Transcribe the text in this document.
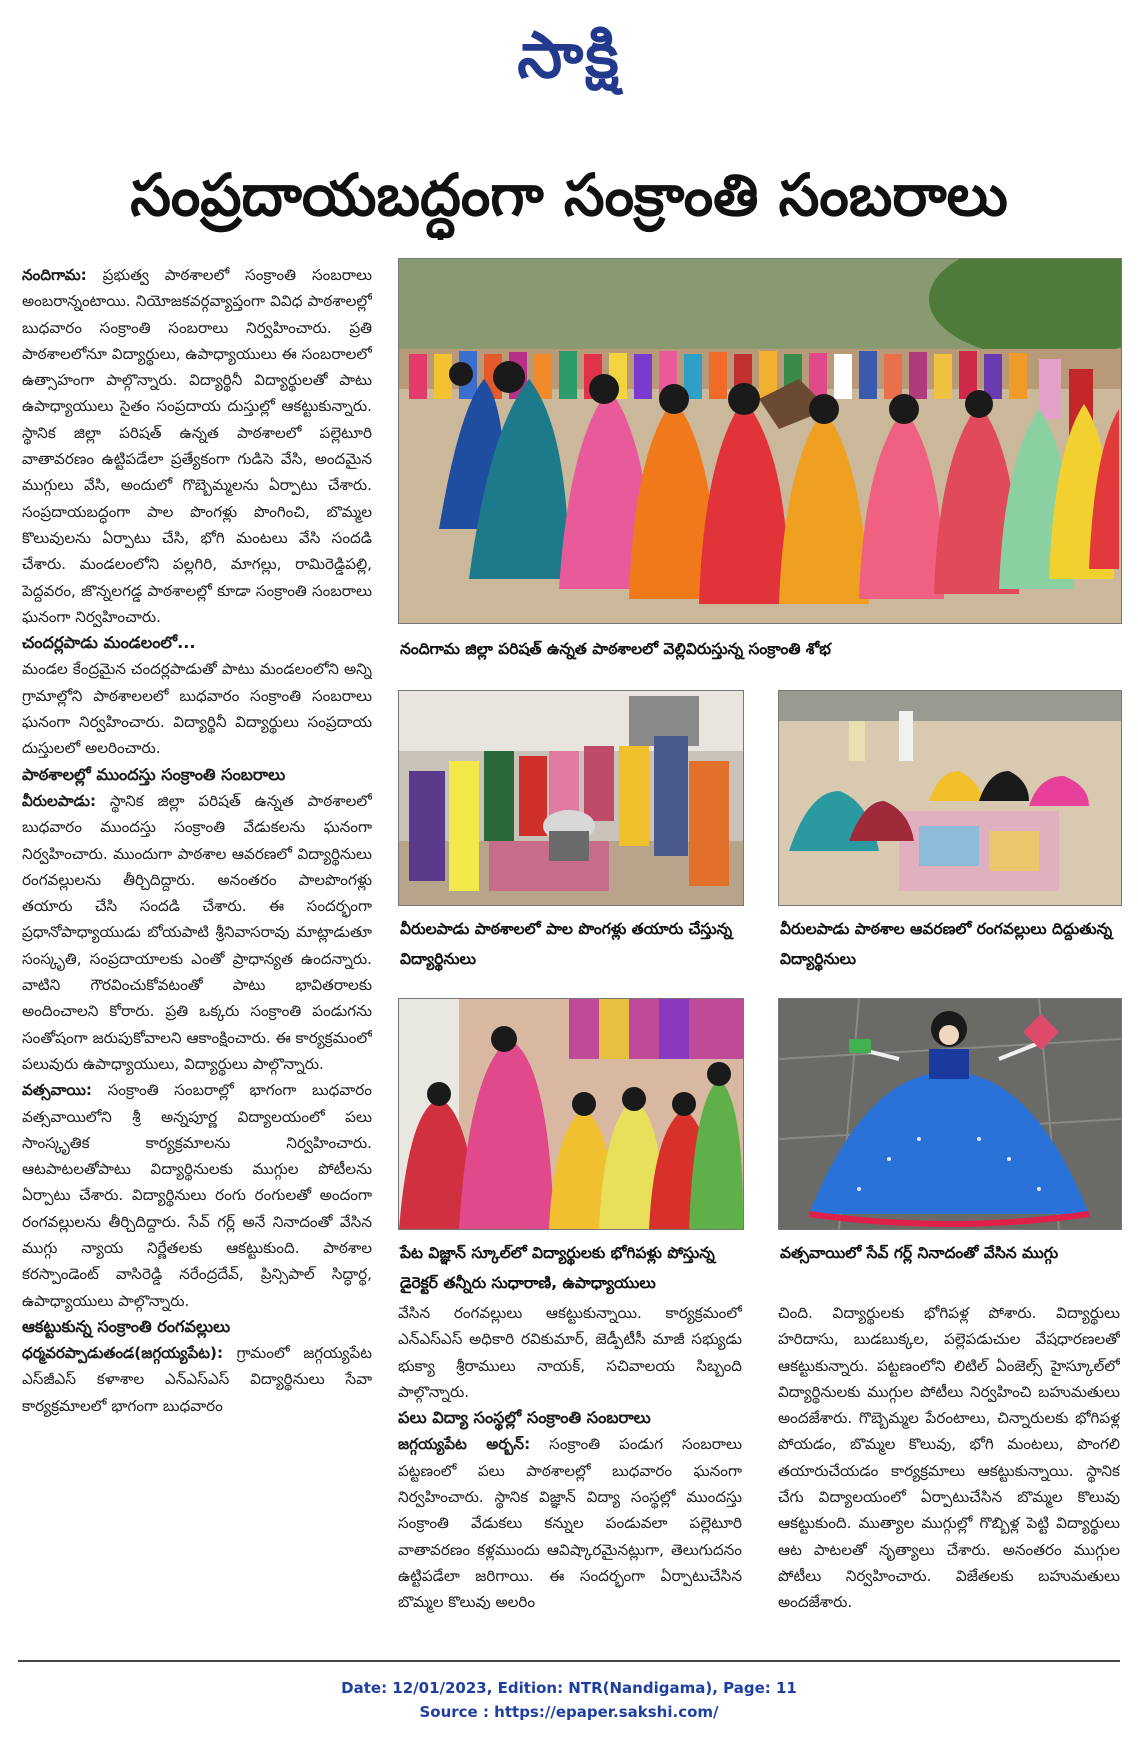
సాక్షి
సంప్రదాయబద్ధంగా సంక్రాంతి సంబరాలు

నందిగామ: ప్రభుత్వ పాఠశాలలో సంక్రాంతి సంబరాలు అంబరాన్నంటాయి. నియోజకవర్గవ్యాప్తంగా వివిధ పాఠశాలల్లో బుధవారం సంక్రాంతి సంబరాలు నిర్వహించారు. ప్రతి పాఠశాలలోనూ విద్యార్థులు, ఉపాధ్యాయులు ఈ సంబరాలలో ఉత్సాహంగా పాల్గొన్నారు. విద్యార్థినీ విద్యార్థులతో పాటు ఉపాధ్యాయులు సైతం సంప్రదాయ దుస్తుల్లో ఆకట్టుకున్నారు. స్థానిక జిల్లా పరిషత్ ఉన్నత పాఠశాలలో పల్లెటూరి వాతావరణం ఉట్టిపడేలా ప్రత్యేకంగా గుడిసె వేసి, అందమైన ముగ్గులు వేసి, అందులో గొబ్బెమ్మలను ఏర్పాటు చేశారు. సంప్రదాయబద్ధంగా పాల పొంగళ్లు పొంగించి, బొమ్మల కొలువులను ఏర్పాటు చేసి, భోగి మంటలు వేసి సందడి చేశారు. మండలంలోని పల్లగిరి, మాగల్లు, రామిరెడ్డిపల్లి, పెద్దవరం, జొన్నలగడ్డ పాఠశాలల్లో కూడా సంక్రాంతి సంబరాలు ఘనంగా నిర్వహించారు.

చందర్లపాడు మండలంలో...

మండల కేంద్రమైన చందర్లపాడుతో పాటు మండలంలోని అన్ని గ్రామాల్లోని పాఠశాలలలో బుధవారం సంక్రాంతి సంబరాలు ఘనంగా నిర్వహించారు. విద్యార్థినీ విద్యార్థులు సంప్రదాయ దుస్తులలో అలరించారు.

పాఠశాలల్లో ముందస్తు సంక్రాంతి సంబరాలు

వీరులపాడు: స్థానిక జిల్లా పరిషత్ ఉన్నత పాఠశాలలో బుధవారం ముందస్తు సంక్రాంతి వేడుకలను ఘనంగా నిర్వహించారు. ముందుగా పాఠశాల ఆవరణలో విద్యార్థినులు రంగవల్లులను తీర్చిదిద్దారు. అనంతరం పాలపొంగళ్లు తయారు చేసి సందడి చేశారు. ఈ సందర్భంగా ప్రధానోపాధ్యాయుడు బోయపాటి శ్రీనివాసరావు మాట్లాడుతూ సంస్కృతి, సంప్రదాయాలకు ఎంతో ప్రాధాన్యత ఉందన్నారు. వాటిని గౌరవించుకోవటంతో పాటు భావితరాలకు అందించాలని కోరారు. ప్రతి ఒక్కరు సంక్రాంతి పండుగను సంతోషంగా జరుపుకోవాలని ఆకాంక్షించారు. ఈ కార్యక్రమంలో పలువురు ఉపాధ్యాయులు, విద్యార్థులు పాల్గొన్నారు.

వత్సవాయి: సంక్రాంతి సంబరాల్లో భాగంగా బుధవారం వత్సవాయిలోని శ్రీ అన్నపూర్ణ విద్యాలయంలో పలు సాంస్కృతిక కార్యక్రమాలను నిర్వహించారు. ఆటపాటలతోపాటు విద్యార్థినులకు ముగ్గుల పోటీలను ఏర్పాటు చేశారు. విద్యార్థినులు రంగు రంగులతో అందంగా రంగవల్లులను తీర్చిదిద్దారు. సేవ్ గర్ల్ అనే నినాదంతో వేసిన ముగ్గు న్యాయ నిర్ణేతలకు ఆకట్టుకుంది. పాఠశాల కరస్పాండెంట్ వాసిరెడ్డి నరేంద్రదేవ్, ప్రిన్సిపాల్ సిద్ధార్థ, ఉపాధ్యాయులు పాల్గొన్నారు.

ఆకట్టుకున్న సంక్రాంతి రంగవల్లులు

ధర్మవరప్పాడుతండ(జగ్గయ్యపేట): గ్రామంలో జగ్గయ్యపేట ఎస్‌జీఎస్ కళాశాల ఎన్‌ఎస్‌ఎస్ విద్యార్థినులు సేవా కార్యక్రమాలలో భాగంగా బుధవారం

నందిగామ జిల్లా పరిషత్ ఉన్నత పాఠశాలలో వెల్లివిరుస్తున్న సంక్రాంతి శోభ
వీరులపాడు పాఠశాలలో పాల పొంగళ్లు తయారు చేస్తున్న విద్యార్థినులు
వీరులపాడు పాఠశాల ఆవరణలో రంగవల్లులు దిద్దుతున్న విద్యార్థినులు
పేట విజ్ఞాన్ స్కూల్‌లో విద్యార్థులకు భోగిపళ్లు పోస్తున్న డైరెక్టర్ తన్నీరు సుధారాణి, ఉపాధ్యాయులు
వత్సవాయిలో సేవ్ గర్ల్ నినాదంతో వేసిన ముగ్గు

వేసిన రంగవల్లులు ఆకట్టుకున్నాయి. కార్యక్రమంలో ఎన్‌ఎస్‌ఎస్ అధికారి రవికుమార్, జెడ్పీటీసీ మాజీ సభ్యుడు భుక్యా శ్రీరాములు నాయక్, సచివాలయ సిబ్బంది పాల్గొన్నారు.

పలు విద్యా సంస్థల్లో సంక్రాంతి సంబరాలు

జగ్గయ్యపేట అర్బన్: సంక్రాంతి పండుగ సంబరాలు పట్టణంలో పలు పాఠశాలల్లో బుధవారం ఘనంగా నిర్వహించారు. స్థానిక విజ్ఞాన్ విద్యా సంస్థల్లో ముందస్తు సంక్రాంతి వేడుకలు కన్నుల పండువలా పల్లెటూరి వాతావరణం కళ్లముందు ఆవిష్కారమైనట్లుగా, తెలుగుదనం ఉట్టిపడేలా జరిగాయి. ఈ సందర్భంగా ఏర్పాటుచేసిన బొమ్మల కొలువు అలరిం

చింది. విద్యార్థులకు భోగిపళ్ల పోశారు. విద్యార్థులు హరిదాసు, బుడబుక్కల, పల్లెపడుచుల వేషధారణలతో ఆకట్టుకున్నారు. పట్టణంలోని లిటిల్ ఏంజెల్స్ హైస్కూల్‌లో విద్యార్థినులకు ముగ్గుల పోటీలు నిర్వహించి బహుమతులు అందజేశారు. గొబ్బెమ్మల పేరంటాలు, చిన్నారులకు భోగిపళ్ల పోయడం, బొమ్మల కొలువు, భోగి మంటలు, పొంగలి తయారుచేయడం కార్యక్రమాలు ఆకట్టుకున్నాయి. స్థానిక చేగు విద్యాలయంలో ఏర్పాటుచేసిన బొమ్మల కొలువు ఆకట్టుకుంది. ముత్యాల ముగ్గుల్లో గొబ్బిళ్ల పెట్టి విద్యార్థులు ఆట పాటలతో నృత్యాలు చేశారు. అనంతరం ముగ్గుల పోటీలు నిర్వహించారు. విజేతలకు బహుమతులు అందజేశారు.

Date: 12/01/2023, Edition: NTR(Nandigama), Page: 11
Source : https://epaper.sakshi.com/
